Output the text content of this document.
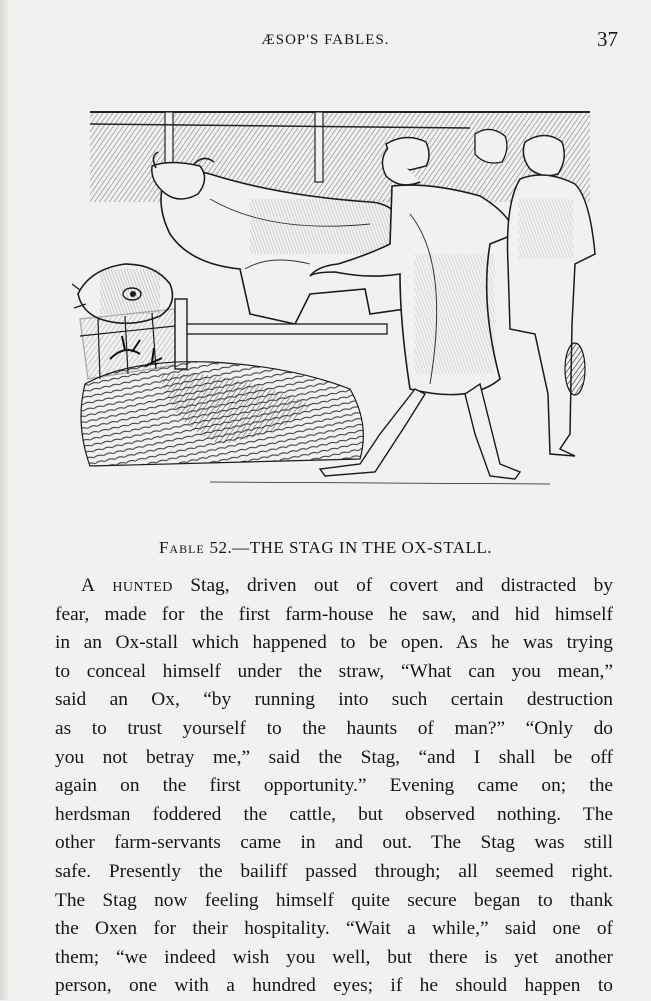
ÆSOP'S FABLES.	37
Fable 52.—THE STAG IN THE OX-STALL.
A hunted Stag, driven out of covert and distracted by
fear, made for the first farm-house he saw, and hid himself
in an Ox-stall which happened to be open. As he was trying
to conceal himself under the straw, “What can you mean,”
said an Ox, “by running into such certain destruction
as to trust yourself to the haunts of man?” “Only do
you not betray me,” said the Stag, “and I shall be off
again on the first opportunity.” Evening came on; the
herdsman foddered the cattle, but observed nothing. The
other farm-servants came in and out. The Stag was still
safe. Presently the bailiff passed through; all seemed right.
The Stag now feeling himself quite secure began to thank
the Oxen for their hospitality. “Wait a while,” said one of
them; “we indeed wish you well, but there is yet another
person, one with a hundred eyes; if he should happen to
